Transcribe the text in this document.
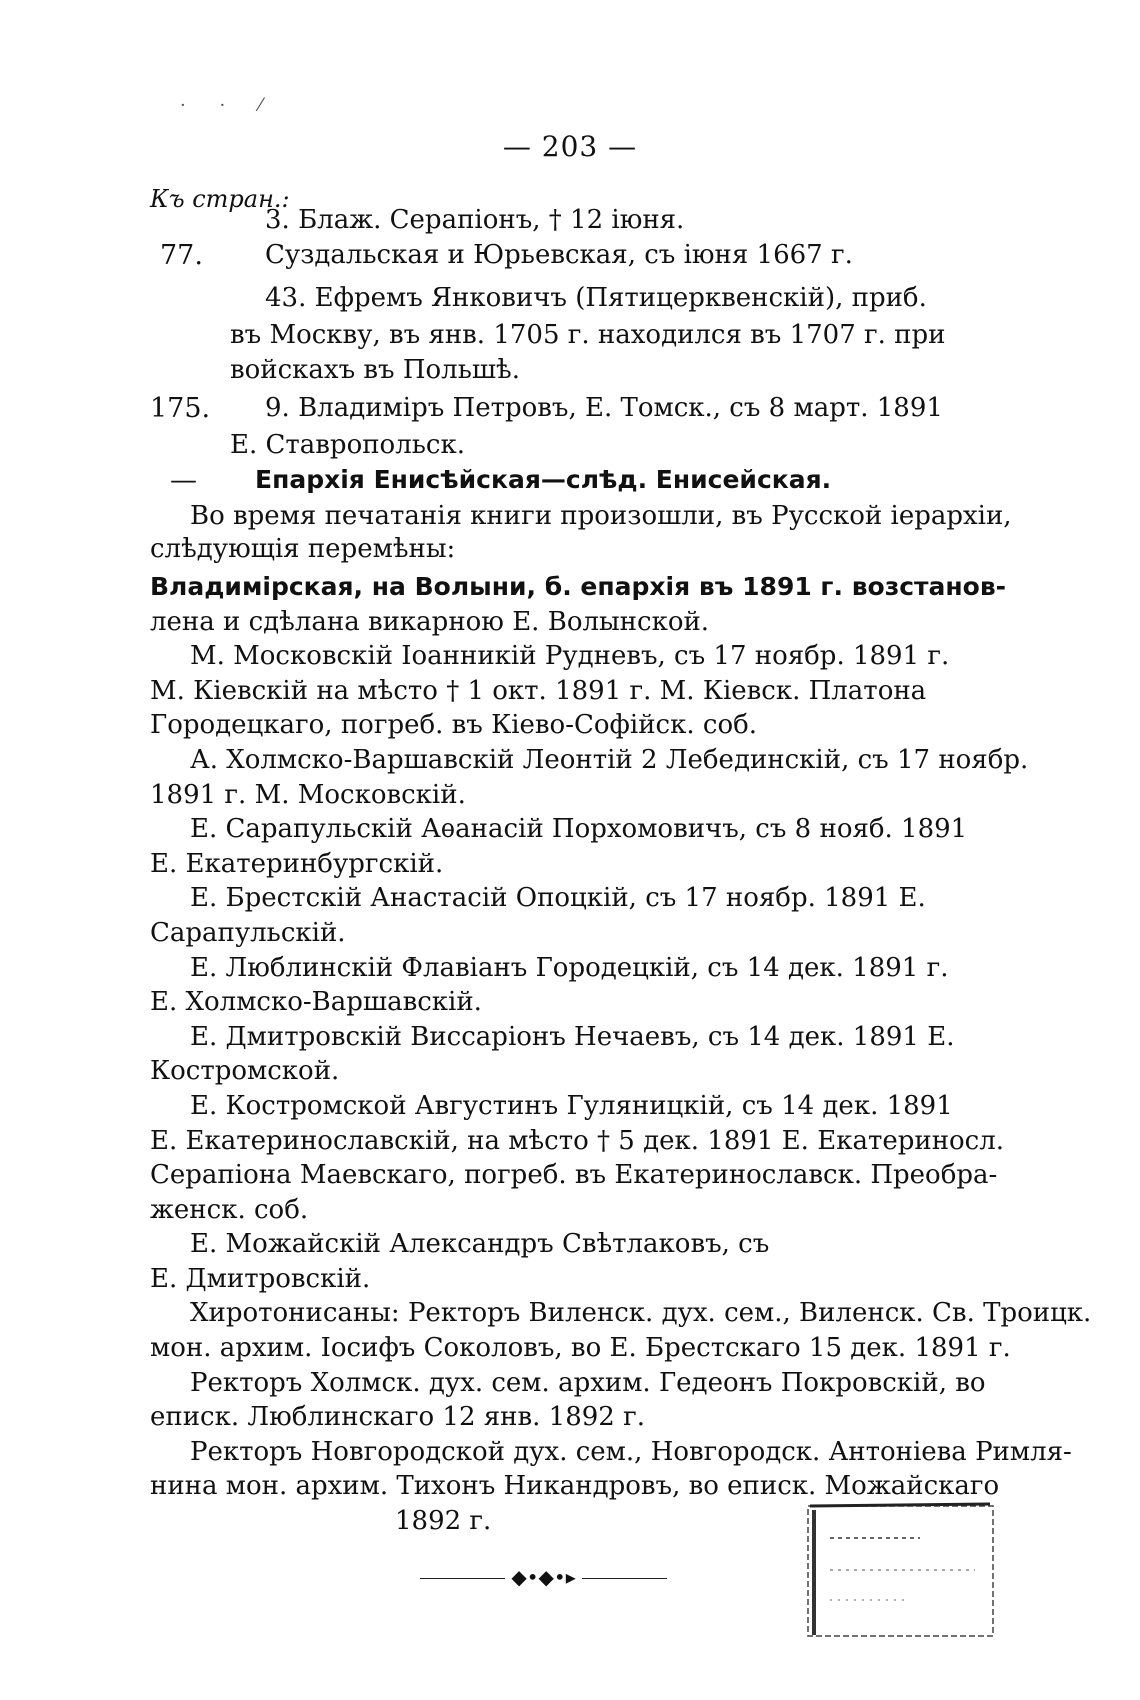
· · ⁄
— 203 —
Къ стран.:
3. Блаж. Серапіонъ, † 12 іюня.
77. Суздальская и Юрьевская, съ іюня 1667 г.
43. Ефремъ Янковичъ (Пятицерквенскій), приб.
въ Москву, въ янв. 1705 г. находился въ 1707 г. при
войскахъ въ Польшѣ.
175. 9. Владиміръ Петровъ, Е. Томск., съ 8 март. 1891
Е. Ставропольск.
— Епархія Енисѣйская—слѣд. Енисейская.
Во время печатанія книги произошли, въ Русской іерархіи,
слѣдующія перемѣны:
Владимірская, на Волыни, б. епархія въ 1891 г. возстанов-
лена и сдѣлана викарною Е. Волынской.
М. Московскій Іоанникій Рудневъ, съ 17 ноябр. 1891 г.
М. Кіевскій на мѣсто † 1 окт. 1891 г. М. Кіевск. Платона
Городецкаго, погреб. въ Кіево-Софійск. соб.
А. Холмско-Варшавскій Леонтій 2 Лебединскій, съ 17 ноябр.
1891 г. М. Московскій.
Е. Сарапульскій Аѳанасій Порхомовичъ, съ 8 нояб. 1891
Е. Екатеринбургскій.
Е. Брестскій Анастасій Опоцкій, съ 17 ноябр. 1891 Е.
Сарапульскій.
Е. Люблинскій Флавіанъ Городецкій, съ 14 дек. 1891 г.
Е. Холмско-Варшавскій.
Е. Дмитровскій Виссаріонъ Нечаевъ, съ 14 дек. 1891 Е.
Костромской.
Е. Костромской Августинъ Гуляницкій, съ 14 дек. 1891
Е. Екатеринославскій, на мѣсто † 5 дек. 1891 Е. Екатериносл.
Серапіона Маевскаго, погреб. въ Екатеринославск. Преобра-
женск. соб.
Е. Можайскій Александръ Свѣтлаковъ, съ
Е. Дмитровскій.
Хиротонисаны: Ректоръ Виленск. дух. сем., Виленск. Св. Троицк.
мон. архим. Іосифъ Соколовъ, во Е. Брестскаго 15 дек. 1891 г.
Ректоръ Холмск. дух. сем. архим. Гедеонъ Покровскій, во
еписк. Люблинскаго 12 янв. 1892 г.
Ректоръ Новгородской дух. сем., Новгородск. Антоніева Римля-
нина мон. архим. Тихонъ Никандровъ, во еписк. Можайскаго
1892 г.
◆•◆•▸
